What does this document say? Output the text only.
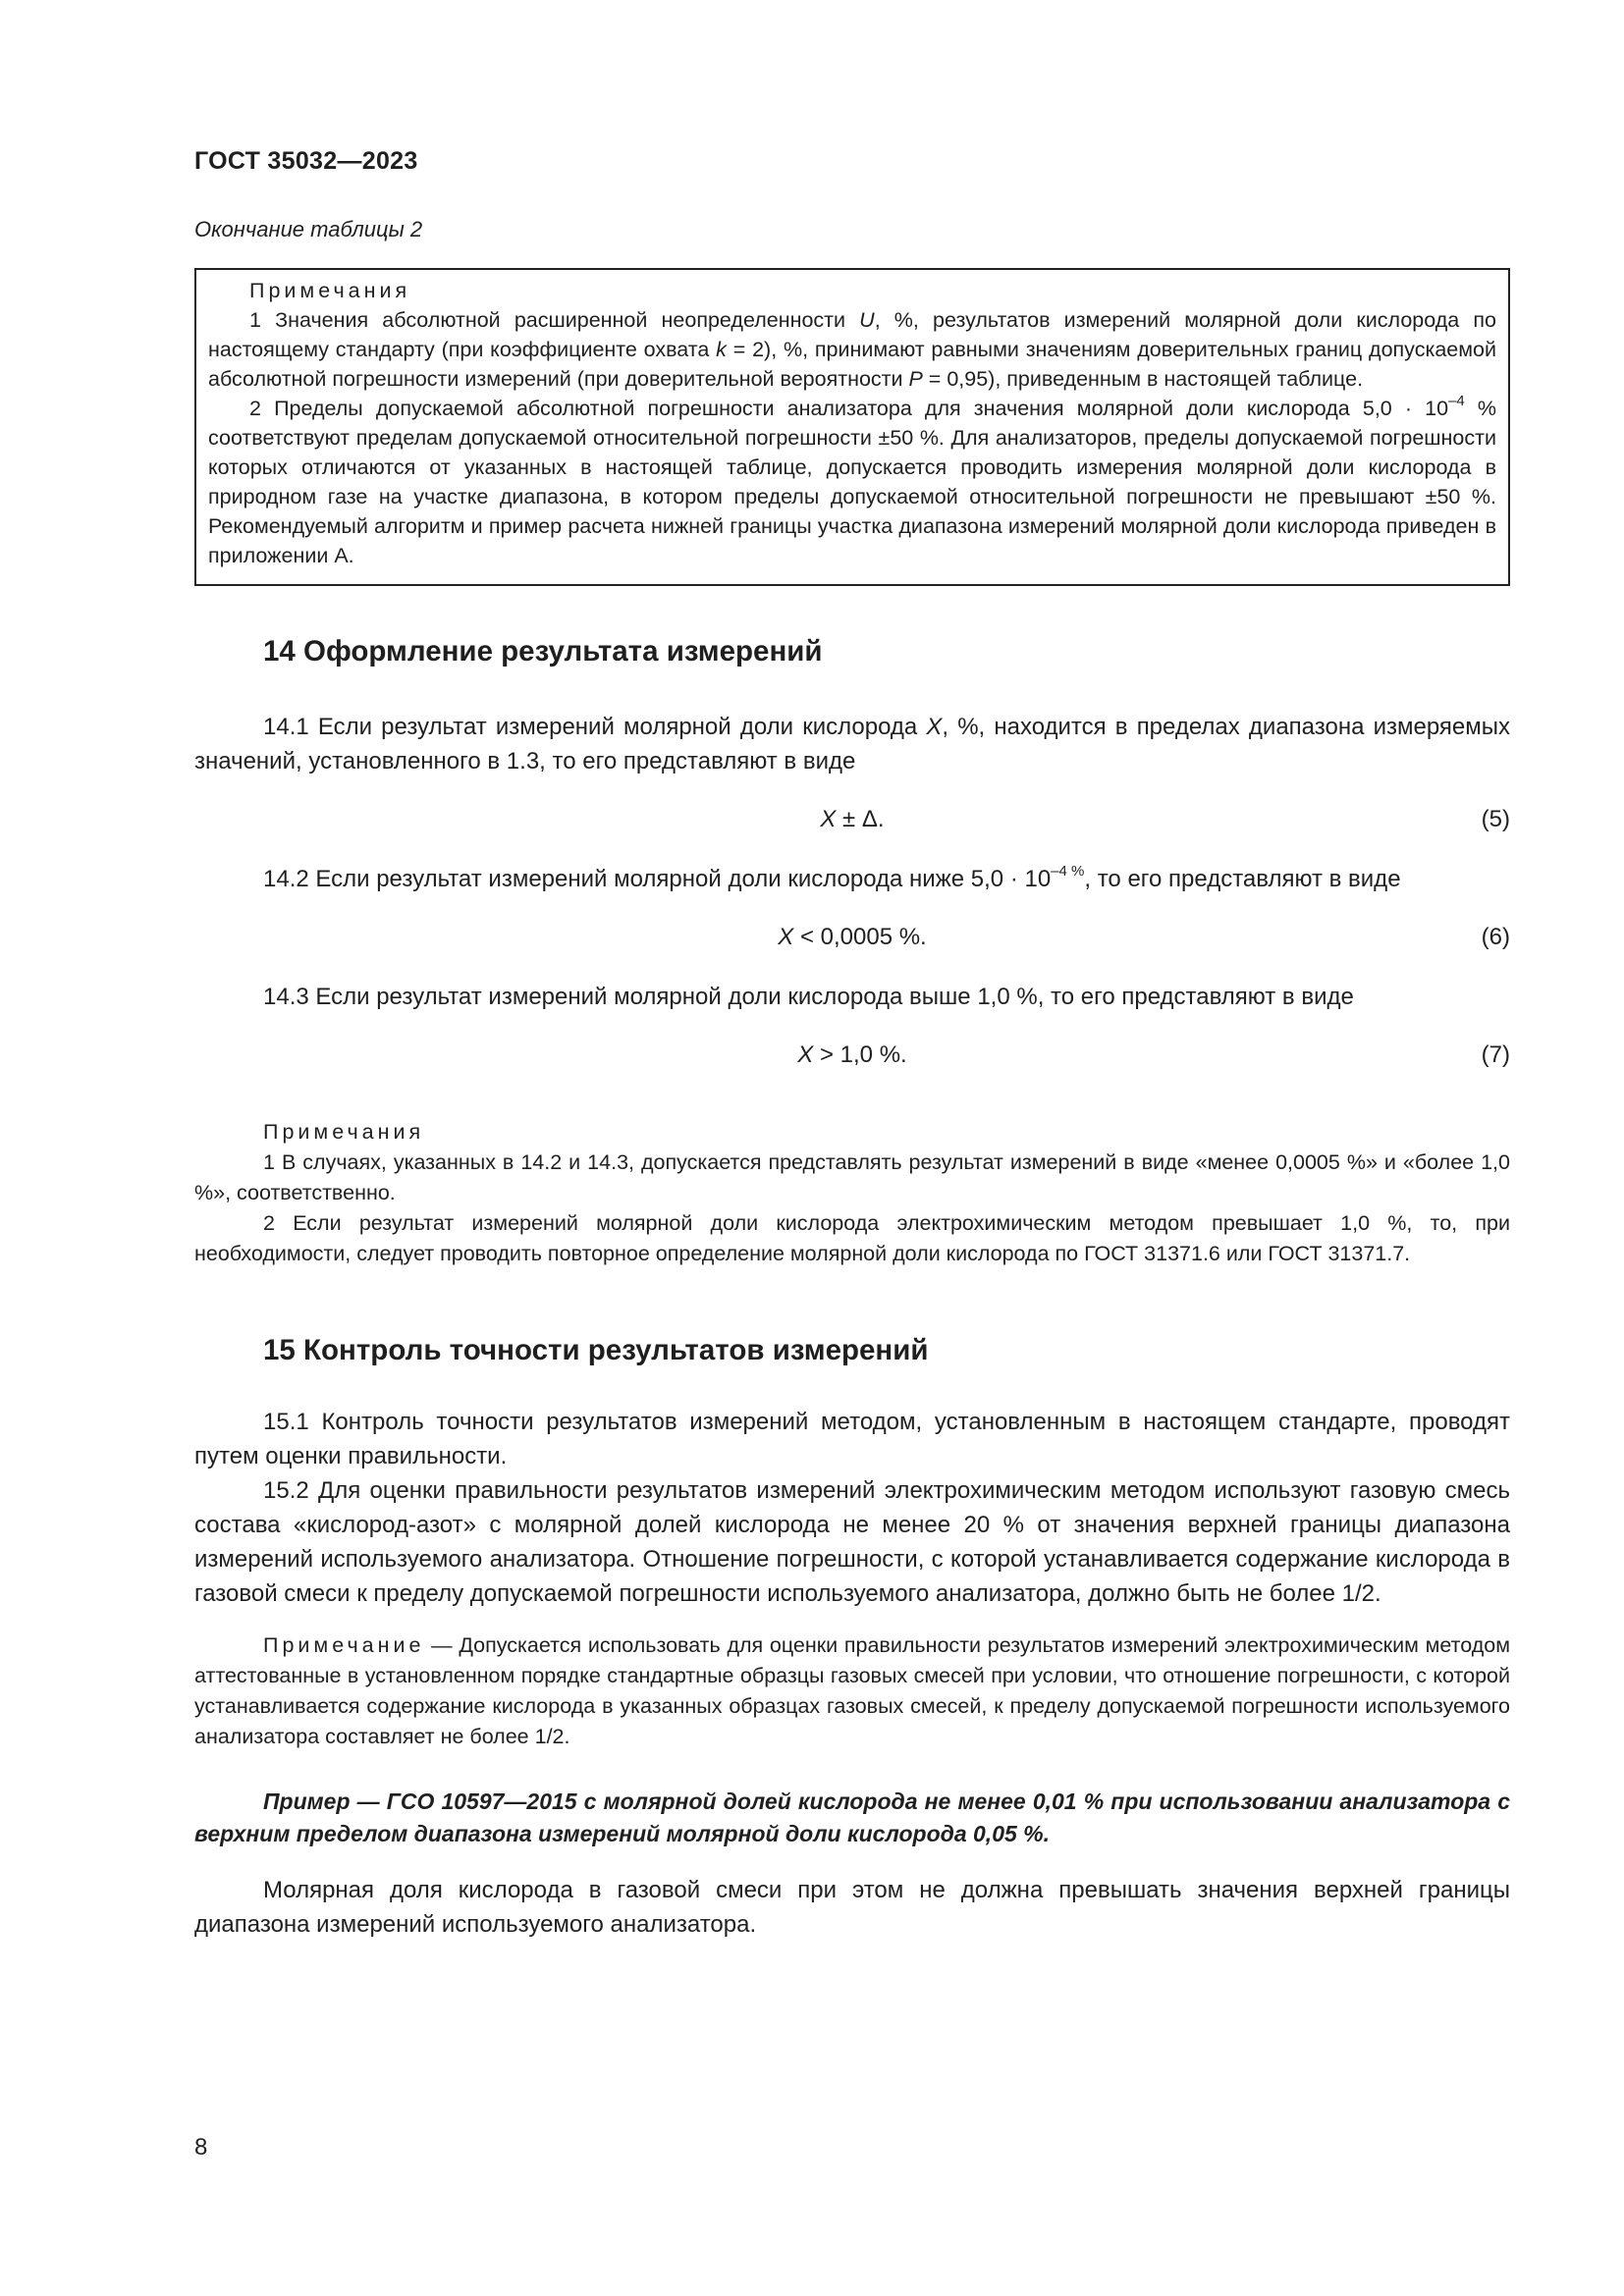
ГОСТ 35032—2023
Окончание таблицы 2

Примечания

1 Значения абсолютной расширенной неопределенности U, %, результатов измерений молярной доли кислорода по настоящему стандарту (при коэффициенте охвата k = 2), %, принимают равными значениям доверительных границ допускаемой абсолютной погрешности измерений (при доверительной вероятности P = 0,95), приведенным в настоящей таблице.

2 Пределы допускаемой абсолютной погрешности анализатора для значения молярной доли кислорода $5,0 \cdot 10^{-4}$ % соответствуют пределам допускаемой относительной погрешности ±50 %. Для анализаторов, пределы допускаемой погрешности которых отличаются от указанных в настоящей таблице, допускается проводить измерения молярной доли кислорода в природном газе на участке диапазона, в котором пределы допускаемой относительной погрешности не превышают ±50 %. Рекомендуемый алгоритм и пример расчета нижней границы участка диапазона измерений молярной доли кислорода приведен в приложении А.

14 Оформление результата измерений

14.1 Если результат измерений молярной доли кислорода X, %, находится в пределах диапазона измеряемых значений, установленного в 1.3, то его представляют в виде

X ± Δ.	(5)

14.2 Если результат измерений молярной доли кислорода ниже $5,0 \cdot 10^{-4 \%}$, то его представляют в виде

X < 0,0005 %.	(6)

14.3 Если результат измерений молярной доли кислорода выше 1,0 %, то его представляют в виде

X > 1,0 %.	(7)

Примечания

1 В случаях, указанных в 14.2 и 14.3, допускается представлять результат измерений в виде «менее 0,0005 %» и «более 1,0 %», соответственно.

2 Если результат измерений молярной доли кислорода электрохимическим методом превышает 1,0 %, то, при необходимости, следует проводить повторное определение молярной доли кислорода по ГОСТ 31371.6 или ГОСТ 31371.7.

15 Контроль точности результатов измерений

15.1 Контроль точности результатов измерений методом, установленным в настоящем стандарте, проводят путем оценки правильности.

15.2 Для оценки правильности результатов измерений электрохимическим методом используют газовую смесь состава «кислород-азот» с молярной долей кислорода не менее 20 % от значения верхней границы диапазона измерений используемого анализатора. Отношение погрешности, с которой устанавливается содержание кислорода в газовой смеси к пределу допускаемой погрешности используемого анализатора, должно быть не более 1/2.

Примечание — Допускается использовать для оценки правильности результатов измерений электрохимическим методом аттестованные в установленном порядке стандартные образцы газовых смесей при условии, что отношение погрешности, с которой устанавливается содержание кислорода в указанных образцах газовых смесей, к пределу допускаемой погрешности используемого анализатора составляет не более 1/2.

Пример — ГСО 10597—2015 с молярной долей кислорода не менее 0,01 % при использовании анализатора с верхним пределом диапазона измерений молярной доли кислорода 0,05 %.

Молярная доля кислорода в газовой смеси при этом не должна превышать значения верхней границы диапазона измерений используемого анализатора.

8
